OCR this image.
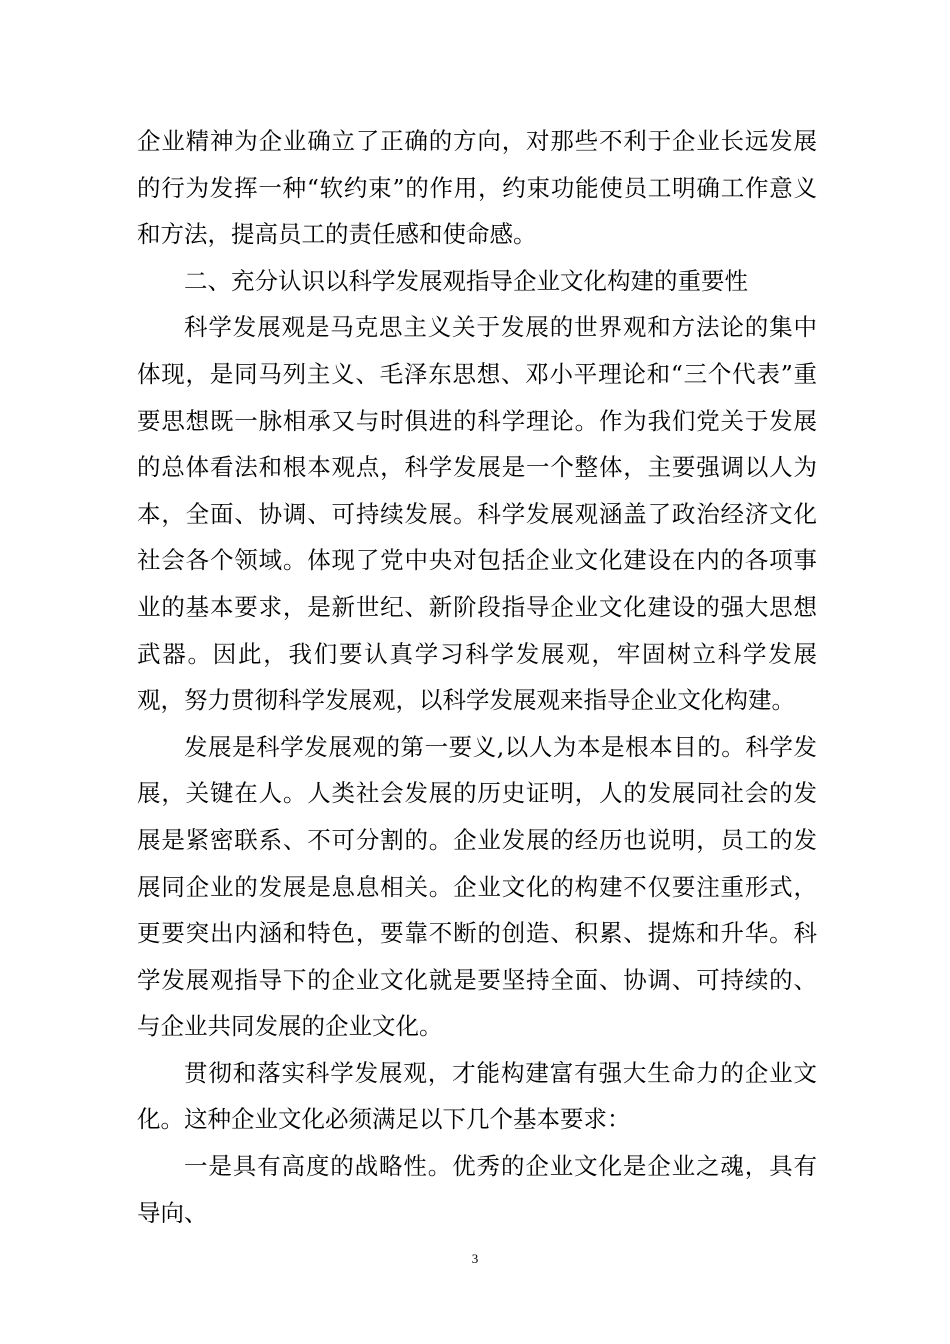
企业精神为企业确立了正确的方向，对那些不利于企业长远发展的行为发挥一种“软约束”的作用，约束功能使员工明确工作意义和方法，提高员工的责任感和使命感。

二、充分认识以科学发展观指导企业文化构建的重要性

科学发展观是马克思主义关于发展的世界观和方法论的集中体现，是同马列主义、毛泽东思想、邓小平理论和“三个代表”重要思想既一脉相承又与时俱进的科学理论。作为我们党关于发展的总体看法和根本观点，科学发展是一个整体，主要强调以人为本，全面、协调、可持续发展。科学发展观涵盖了政治经济文化社会各个领域。体现了党中央对包括企业文化建设在内的各项事业的基本要求，是新世纪、新阶段指导企业文化建设的强大思想武器。因此，我们要认真学习科学发展观，牢固树立科学发展观，努力贯彻科学发展观，以科学发展观来指导企业文化构建。

发展是科学发展观的第一要义,以人为本是根本目的。科学发展，关键在人。人类社会发展的历史证明，人的发展同社会的发展是紧密联系、不可分割的。企业发展的经历也说明，员工的发展同企业的发展是息息相关。企业文化的构建不仅要注重形式，更要突出内涵和特色，要靠不断的创造、积累、提炼和升华。科学发展观指导下的企业文化就是要坚持全面、协调、可持续的、与企业共同发展的企业文化。

贯彻和落实科学发展观，才能构建富有强大生命力的企业文化。这种企业文化必须满足以下几个基本要求：

一是具有高度的战略性。优秀的企业文化是企业之魂，具有导向、

3
